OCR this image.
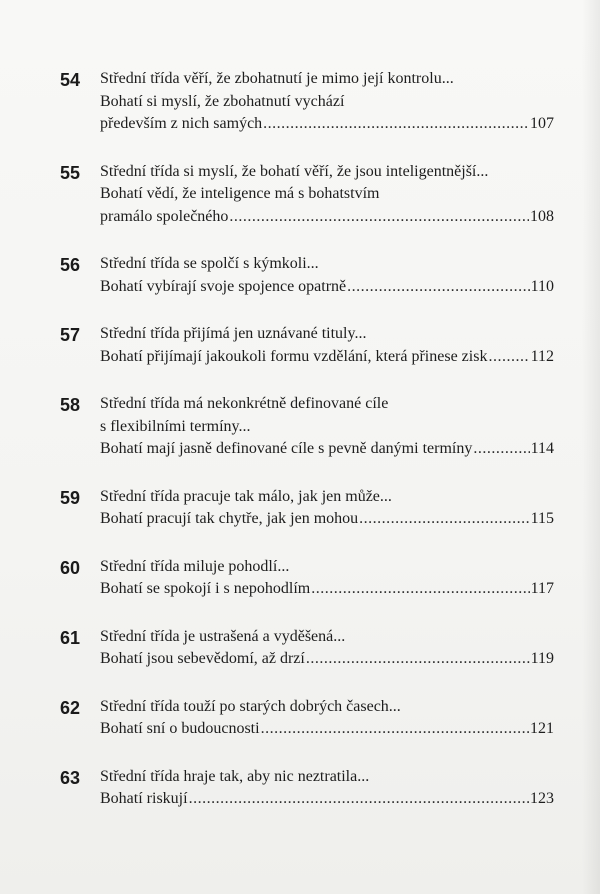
54 Střední třída věří, že zbohatnutí je mimo její kontrolu...
Bohatí si myslí, že zbohatnutí vychází
především z nich samých .....	107
55 Střední třída si myslí, že bohatí věří, že jsou inteligentnější...
Bohatí vědí, že inteligence má s bohatstvím
pramálo společného .....	108
56 Střední třída se spolčí s kýmkoli...
Bohatí vybírají svoje spojence opatrně .....	110
57 Střední třída přijímá jen uznávané tituly...
Bohatí přijímají jakoukoli formu vzdělání, která přinese zisk .....	112
58 Střední třída má nekonkrétně definované cíle
s flexibilními termíny...
Bohatí mají jasně definované cíle s pevně danými termíny .....	114
59 Střední třída pracuje tak málo, jak jen může...
Bohatí pracují tak chytře, jak jen mohou .....	115
60 Střední třída miluje pohodlí...
Bohatí se spokojí i s nepohodlím .....	117
61 Střední třída je ustrašená a vyděšená...
Bohatí jsou sebevědomí, až drzí .....	119
62 Střední třída touží po starých dobrých časech...
Bohatí sní o budoucnosti .....	121
63 Střední třída hraje tak, aby nic neztratila...
Bohatí riskují .....	123
